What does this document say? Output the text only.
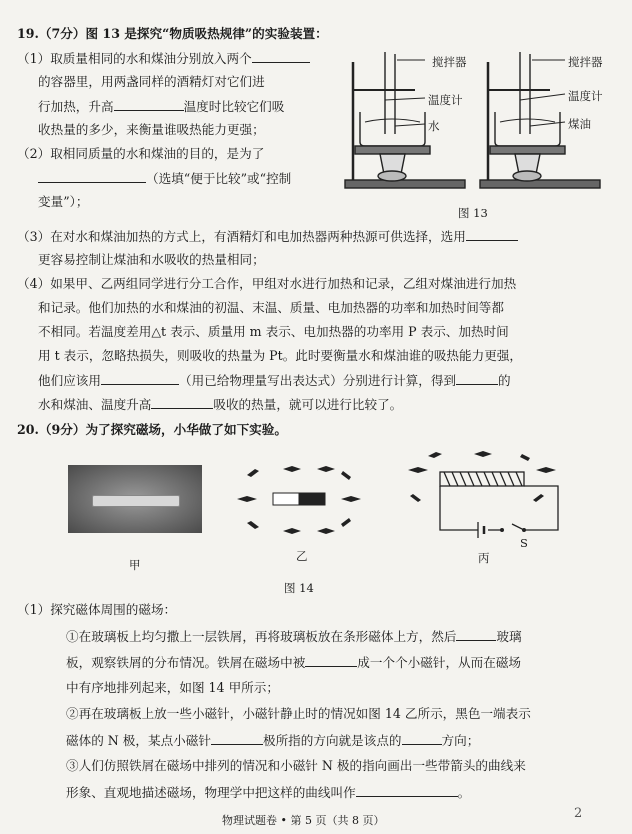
19.（7分）图 13 是探究“物质吸热规律”的实验装置：
（1）取质量相同的水和煤油分别放入两个
的容器里，用两盏同样的酒精灯对它们进
行加热，升高	温度时比较它们吸
收热量的多少，来衡量谁吸热能力更强；
（2）取相同质量的水和煤油的目的，是为了
（选填“便于比较”或“控制
变量”）；
搅拌器
温度计
水
搅拌器
温度计
煤油
图 13
（3）在对水和煤油加热的方式上，有酒精灯和电加热器两种热源可供选择，选用
更容易控制让煤油和水吸收的热量相同；
（4）如果甲、乙两组同学进行分工合作，甲组对水进行加热和记录，乙组对煤油进行加热
和记录。他们加热的水和煤油的初温、末温、质量、电加热器的功率和加热时间等都
不相同。若温度差用△t 表示、质量用 m 表示、电加热器的功率用 P 表示、加热时间
用 t 表示，忽略热损失，则吸收的热量为 Pt。此时要衡量水和煤油谁的吸热能力更强，
他们应该用	（用已给物理量写出表达式）分别进行计算，得到	的
水和煤油、温度升高	吸收的热量，就可以进行比较了。
20.（9分）为了探究磁场，小华做了如下实验。
甲
乙	丙
S
图 14
（1）探究磁体周围的磁场：
①在玻璃板上均匀撒上一层铁屑，再将玻璃板放在条形磁体上方，然后	玻璃
板，观察铁屑的分布情况。铁屑在磁场中被	成一个个小磁针，从而在磁场
中有序地排列起来，如图 14 甲所示；
②再在玻璃板上放一些小磁针，小磁针静止时的情况如图 14 乙所示，黑色一端表示
磁体的 N 极，某点小磁针	极所指的方向就是该点的	方向；
③人们仿照铁屑在磁场中排列的情况和小磁针 N 极的指向画出一些带箭头的曲线来
形象、直观地描述磁场，物理学中把这样的曲线叫作	。
物理试题卷 • 第 5 页（共 8 页）	2
